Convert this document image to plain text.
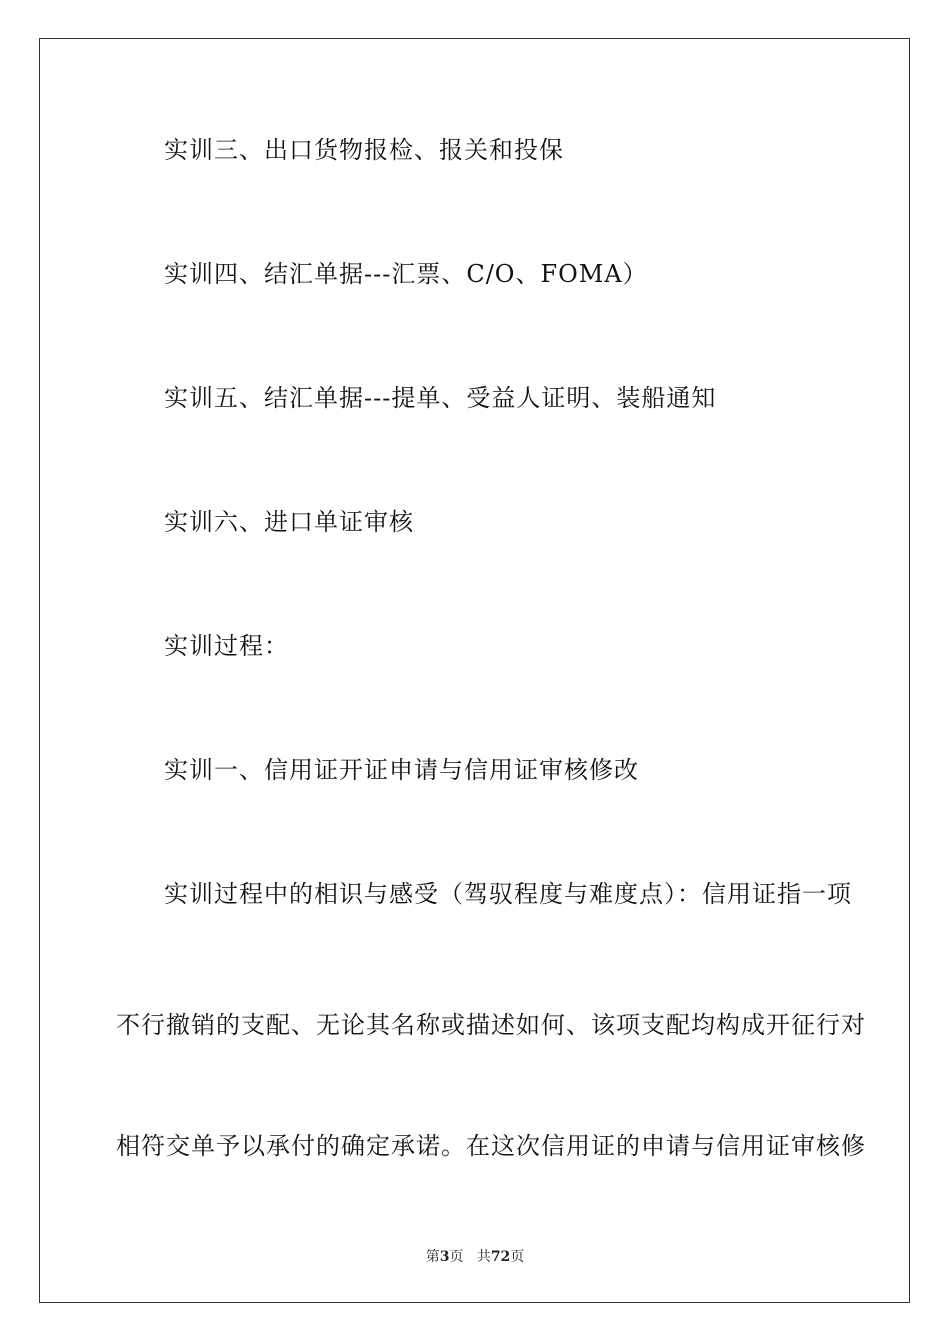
实训三、出口货物报检、报关和投保
实训四、结汇单据---汇票、C/O、FOMA）
实训五、结汇单据---提单、受益人证明、装船通知
实训六、进口单证审核
实训过程：
实训一、信用证开证申请与信用证审核修改
实训过程中的相识与感受（驾驭程度与难度点）：信用证指一项
不行撤销的支配、无论其名称或描述如何、该项支配均构成开征行对
相符交单予以承付的确定承诺。在这次信用证的申请与信用证审核修
第3页 共72页
